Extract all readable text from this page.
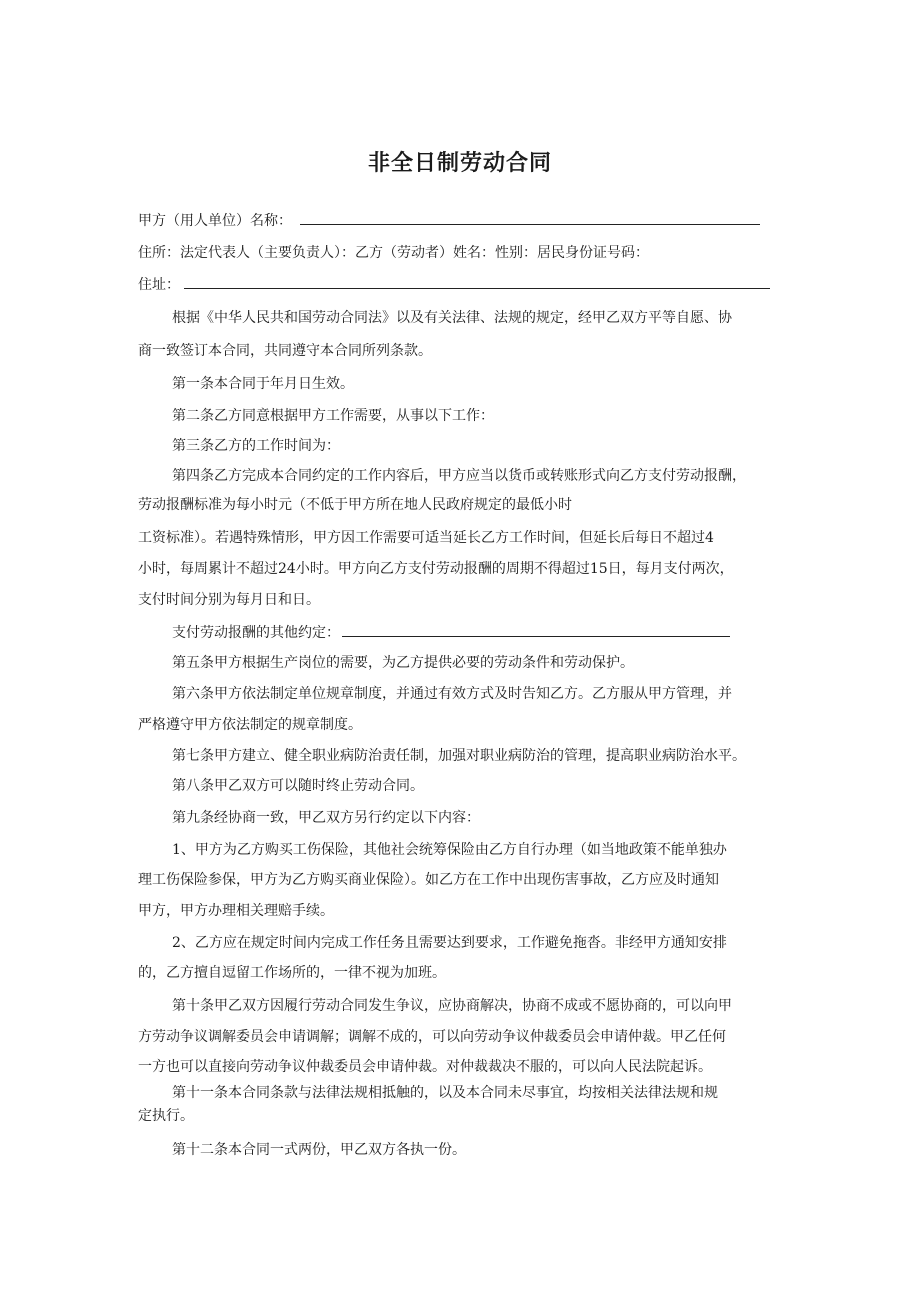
非全日制劳动合同
甲方（用人单位）名称：
住所：法定代表人（主要负责人）：乙方（劳动者）姓名：性别：居民身份证号码：
住址：
根据《中华人民共和国劳动合同法》以及有关法律、法规的规定，经甲乙双方平等自愿、协
商一致签订本合同，共同遵守本合同所列条款。
第一条本合同于年月日生效。
第二条乙方同意根据甲方工作需要，从事以下工作：
第三条乙方的工作时间为：
第四条乙方完成本合同约定的工作内容后，甲方应当以货币或转账形式向乙方支付劳动报酬，
劳动报酬标准为每小时元（不低于甲方所在地人民政府规定的最低小时
工资标准）。若遇特殊情形，甲方因工作需要可适当延长乙方工作时间，但延长后每日不超过4
小时，每周累计不超过24小时。甲方向乙方支付劳动报酬的周期不得超过15日，每月支付两次，
支付时间分别为每月日和日。
支付劳动报酬的其他约定：
第五条甲方根据生产岗位的需要，为乙方提供必要的劳动条件和劳动保护。
第六条甲方依法制定单位规章制度，并通过有效方式及时告知乙方。乙方服从甲方管理，并
严格遵守甲方依法制定的规章制度。
第七条甲方建立、健全职业病防治责任制，加强对职业病防治的管理，提高职业病防治水平。
第八条甲乙双方可以随时终止劳动合同。
第九条经协商一致，甲乙双方另行约定以下内容：
1、甲方为乙方购买工伤保险，其他社会统筹保险由乙方自行办理（如当地政策不能单独办
理工伤保险参保，甲方为乙方购买商业保险）。如乙方在工作中出现伤害事故，乙方应及时通知
甲方，甲方办理相关理赔手续。
2、乙方应在规定时间内完成工作任务且需要达到要求，工作避免拖沓。非经甲方通知安排
的，乙方擅自逗留工作场所的，一律不视为加班。
第十条甲乙双方因履行劳动合同发生争议，应协商解决，协商不成或不愿协商的，可以向甲
方劳动争议调解委员会申请调解；调解不成的，可以向劳动争议仲裁委员会申请仲裁。甲乙任何
一方也可以直接向劳动争议仲裁委员会申请仲裁。对仲裁裁决不服的，可以向人民法院起诉。
第十一条本合同条款与法律法规相抵触的，以及本合同未尽事宜，均按相关法律法规和规
定执行。
第十二条本合同一式两份，甲乙双方各执一份。
